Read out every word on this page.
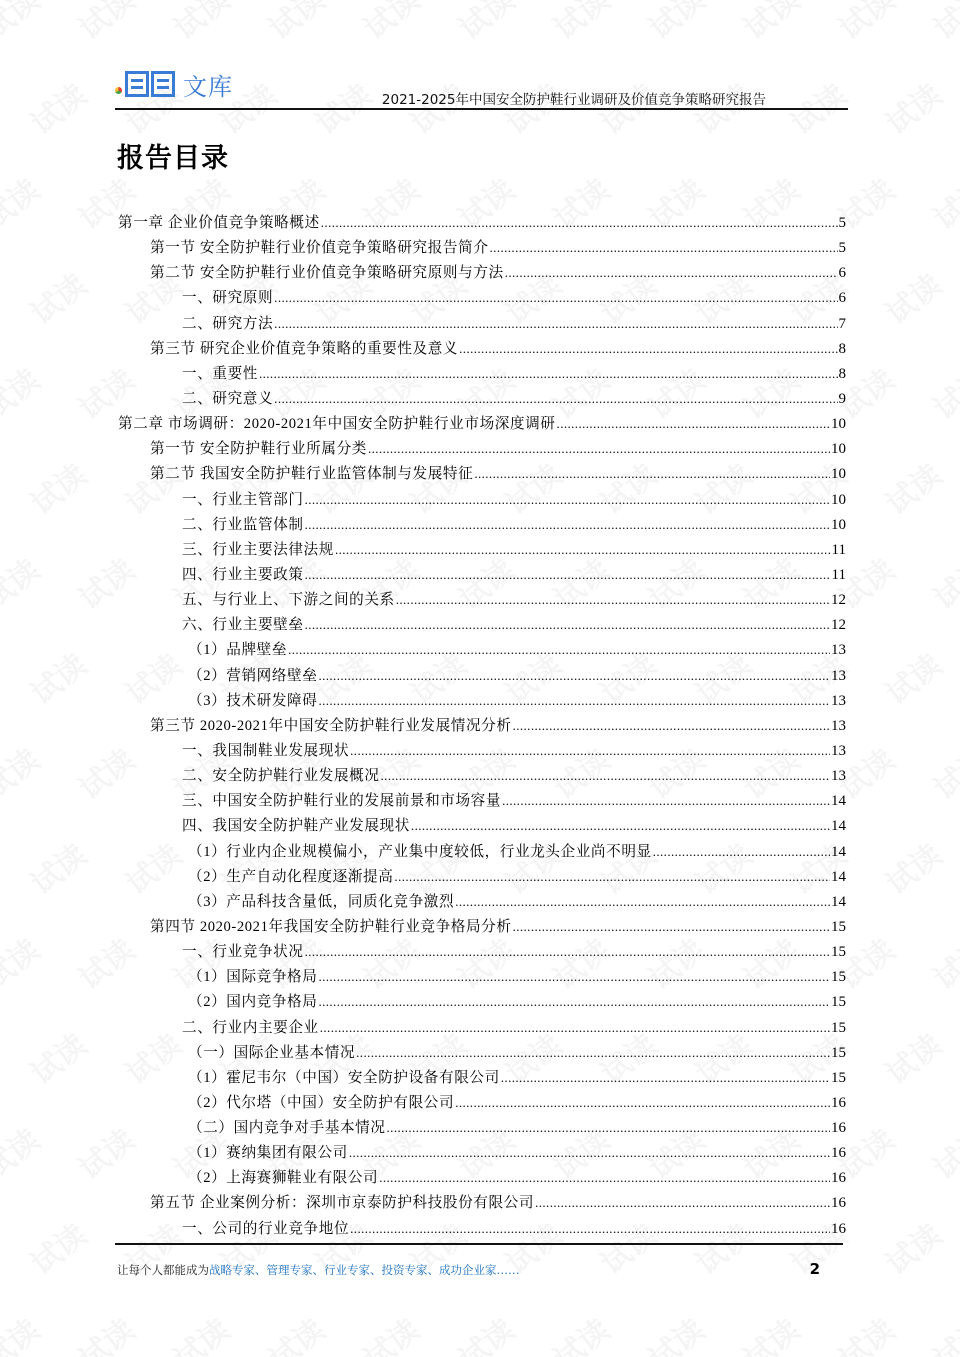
文库	2021-2025年中国安全防护鞋行业调研及价值竞争策略研究报告
报告目录
第一章 企业价值竞争策略概述 .....	5
第一节 安全防护鞋行业价值竞争策略研究报告简介 .....	5
第二节 安全防护鞋行业价值竞争策略研究原则与方法 .....	6
一、研究原则 .....	6
二、研究方法 .....	7
第三节 研究企业价值竞争策略的重要性及意义 .....	8
一、重要性 .....	8
二、研究意义 .....	9
第二章 市场调研：2020-2021年中国安全防护鞋行业市场深度调研 .....	10
第一节 安全防护鞋行业所属分类 .....	10
第二节 我国安全防护鞋行业监管体制与发展特征 .....	10
一、行业主管部门 .....	10
二、行业监管体制 .....	10
三、行业主要法律法规 .....	11
四、行业主要政策 .....	11
五、与行业上、下游之间的关系 .....	12
六、行业主要壁垒 .....	12
（1）品牌壁垒 .....	13
（2）营销网络壁垒 .....	13
（3）技术研发障碍 .....	13
第三节 2020-2021年中国安全防护鞋行业发展情况分析 .....	13
一、我国制鞋业发展现状 .....	13
二、安全防护鞋行业发展概况 .....	13
三、中国安全防护鞋行业的发展前景和市场容量 .....	14
四、我国安全防护鞋产业发展现状 .....	14
（1）行业内企业规模偏小，产业集中度较低，行业龙头企业尚不明显 .....	14
（2）生产自动化程度逐渐提高 .....	14
（3）产品科技含量低，同质化竞争激烈 .....	14
第四节 2020-2021年我国安全防护鞋行业竞争格局分析 .....	15
一、行业竞争状况 .....	15
（1）国际竞争格局 .....	15
（2）国内竞争格局 .....	15
二、行业内主要企业 .....	15
（一）国际企业基本情况 .....	15
（1）霍尼韦尔（中国）安全防护设备有限公司 .....	15
（2）代尔塔（中国）安全防护有限公司 .....	16
（二）国内竞争对手基本情况 .....	16
（1）赛纳集团有限公司 .....	16
（2）上海赛狮鞋业有限公司 .....	16
第五节 企业案例分析：深圳市京泰防护科技股份有限公司 .....	16
一、公司的行业竞争地位 .....	16
让每个人都能成为战略专家、管理专家、行业专家、投资专家、成功企业家……	2
